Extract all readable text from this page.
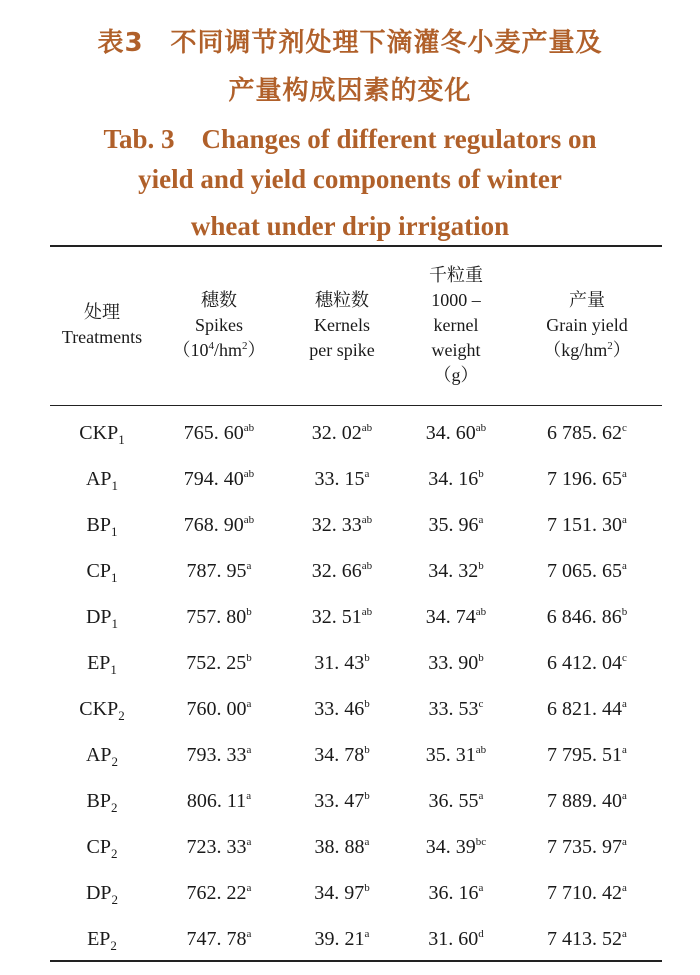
表3　不同调节剂处理下滴灌冬小麦产量及
产量构成因素的变化
Tab. 3　Changes of different regulators on
yield and yield components of winter
wheat under drip irrigation
处理
Treatments

穗数
Spikes
$(10^4/hm^2)$

穗粒数
Kernels
per spike

千粒重
1000 –
kernel
weight
（g）

产量
Grain yield
$(kg/hm^2)$
$CKP_1$	765. $60^{ab}$	32. $02^{ab}$	34. $60^{ab}$	6 785. 62$^c$
$AP_1$	794. $40^{ab}$	33. 15$^a$	34. 16$^b$	7 196. 65$^a$
$BP_1$	768. $90^{ab}$	32. $33^{ab}$	35. 96$^a$	7 151. 30$^a$
$CP_1$	787. 95$^a$	32. $66^{ab}$	34. 32$^b$	7 065. 65$^a$
$DP_1$	757. 80$^b$	32. $51^{ab}$	34. $74^{ab}$	6 846. 86$^b$
$EP_1$	752. 25$^b$	31. 43$^b$	33. 90$^b$	6 412. 04$^c$
$CKP_2$	760. 00$^a$	33. 46$^b$	33. 53$^c$	6 821. 44$^a$
$AP_2$	793. 33$^a$	34. 78$^b$	35. $31^{ab}$	7 795. 51$^a$
$BP_2$	806. 11$^a$	33. 47$^b$	36. 55$^a$	7 889. 40$^a$
$CP_2$	723. 33$^a$	38. 88$^a$	34. $39^{bc}$	7 735. 97$^a$
$DP_2$	762. 22$^a$	34. 97$^b$	36. 16$^a$	7 710. 42$^a$
$EP_2$	747. 78$^a$	39. 21$^a$	31. 60$^d$	7 413. 52$^a$
